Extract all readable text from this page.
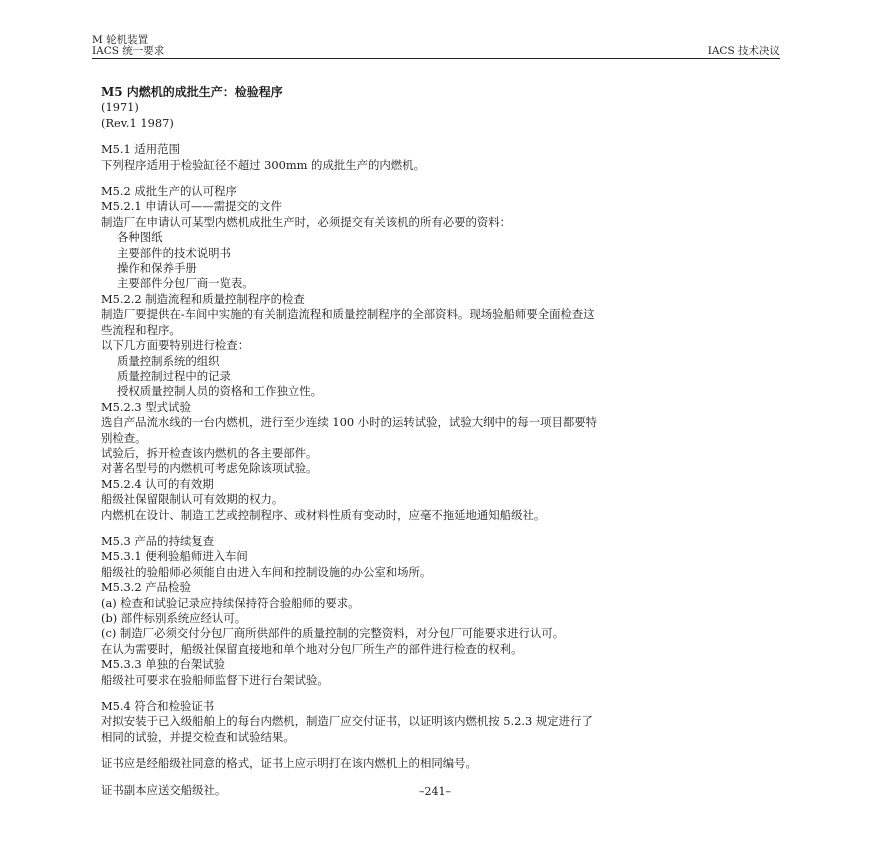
M 轮机装置
IACS 统一要求	IACS 技术决议
M5 内燃机的成批生产：检验程序
(1971)
(Rev.1 1987)
M5.1 适用范围
下列程序适用于检验缸径不超过 300mm 的成批生产的内燃机。
M5.2 成批生产的认可程序
M5.2.1 申请认可——需提交的文件
制造厂在申请认可某型内燃机成批生产时，必须提交有关该机的所有必要的资料：
各种图纸
主要部件的技术说明书
操作和保养手册
主要部件分包厂商一览表。
M5.2.2 制造流程和质量控制程序的检查
制造厂要提供在-车间中实施的有关制造流程和质量控制程序的全部资料。现场验船师要全面检查这
些流程和程序。
以下几方面要特别进行检查：
质量控制系统的组织
质量控制过程中的记录
授权质量控制人员的资格和工作独立性。
M5.2.3 型式试验
选自产品流水线的一台内燃机，进行至少连续 100 小时的运转试验，试验大纲中的每一项目都要特
别检查。
试验后，拆开检查该内燃机的各主要部件。
对著名型号的内燃机可考虑免除该项试验。
M5.2.4 认可的有效期
船级社保留限制认可有效期的权力。
内燃机在设计、制造工艺或控制程序、或材料性质有变动时，应毫不拖延地通知船级社。
M5.3 产品的持续复查
M5.3.1 便利验船师进入车间
船级社的验船师必须能自由进入车间和控制设施的办公室和场所。
M5.3.2 产品检验
(a) 检查和试验记录应持续保持符合验船师的要求。
(b) 部件标别系统应经认可。
(c) 制造厂必须交付分包厂商所供部件的质量控制的完整资料，对分包厂可能要求进行认可。
在认为需要时，船级社保留直接地和单个地对分包厂所生产的部件进行检查的权利。
M5.3.3 单独的台架试验
船级社可要求在验船师监督下进行台架试验。
M5.4 符合和检验证书
对拟安装于已入级船舶上的每台内燃机，制造厂应交付证书，以证明该内燃机按 5.2.3 规定进行了
相同的试验，并提交检查和试验结果。
证书应是经船级社同意的格式，证书上应示明打在该内燃机上的相同编号。
证书副本应送交船级社。	–241–
